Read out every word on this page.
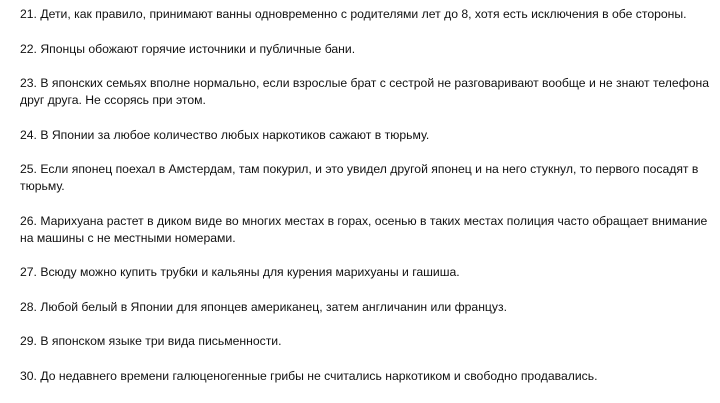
21. Дети, как правило, принимают ванны одновременно с родителями лет до 8, хотя есть исключения в обе стороны.

22. Японцы обожают горячие источники и публичные бани.

23. В японских семьях вполне нормально, если взрослые брат с сестрой не разговаривают вообще и не знают телефона друг друга. Не ссорясь при этом.

24. В Японии за любое количество любых наркотиков сажают в тюрьму.

25. Если японец поехал в Амстердам, там покурил, и это увидел другой японец и на него стукнул, то первого посадят в тюрьму.

26. Марихуана растет в диком виде во многих местах в горах, осенью в таких местах полиция часто обращает внимание на машины с не местными номерами.

27. Всюду можно купить трубки и кальяны для курения марихуаны и гашиша.

28. Любой белый в Японии для японцев американец, затем англичанин или француз.

29. В японском языке три вида письменности.

30. До недавнего времени галюценогенные грибы не считались наркотиком и свободно продавались.
